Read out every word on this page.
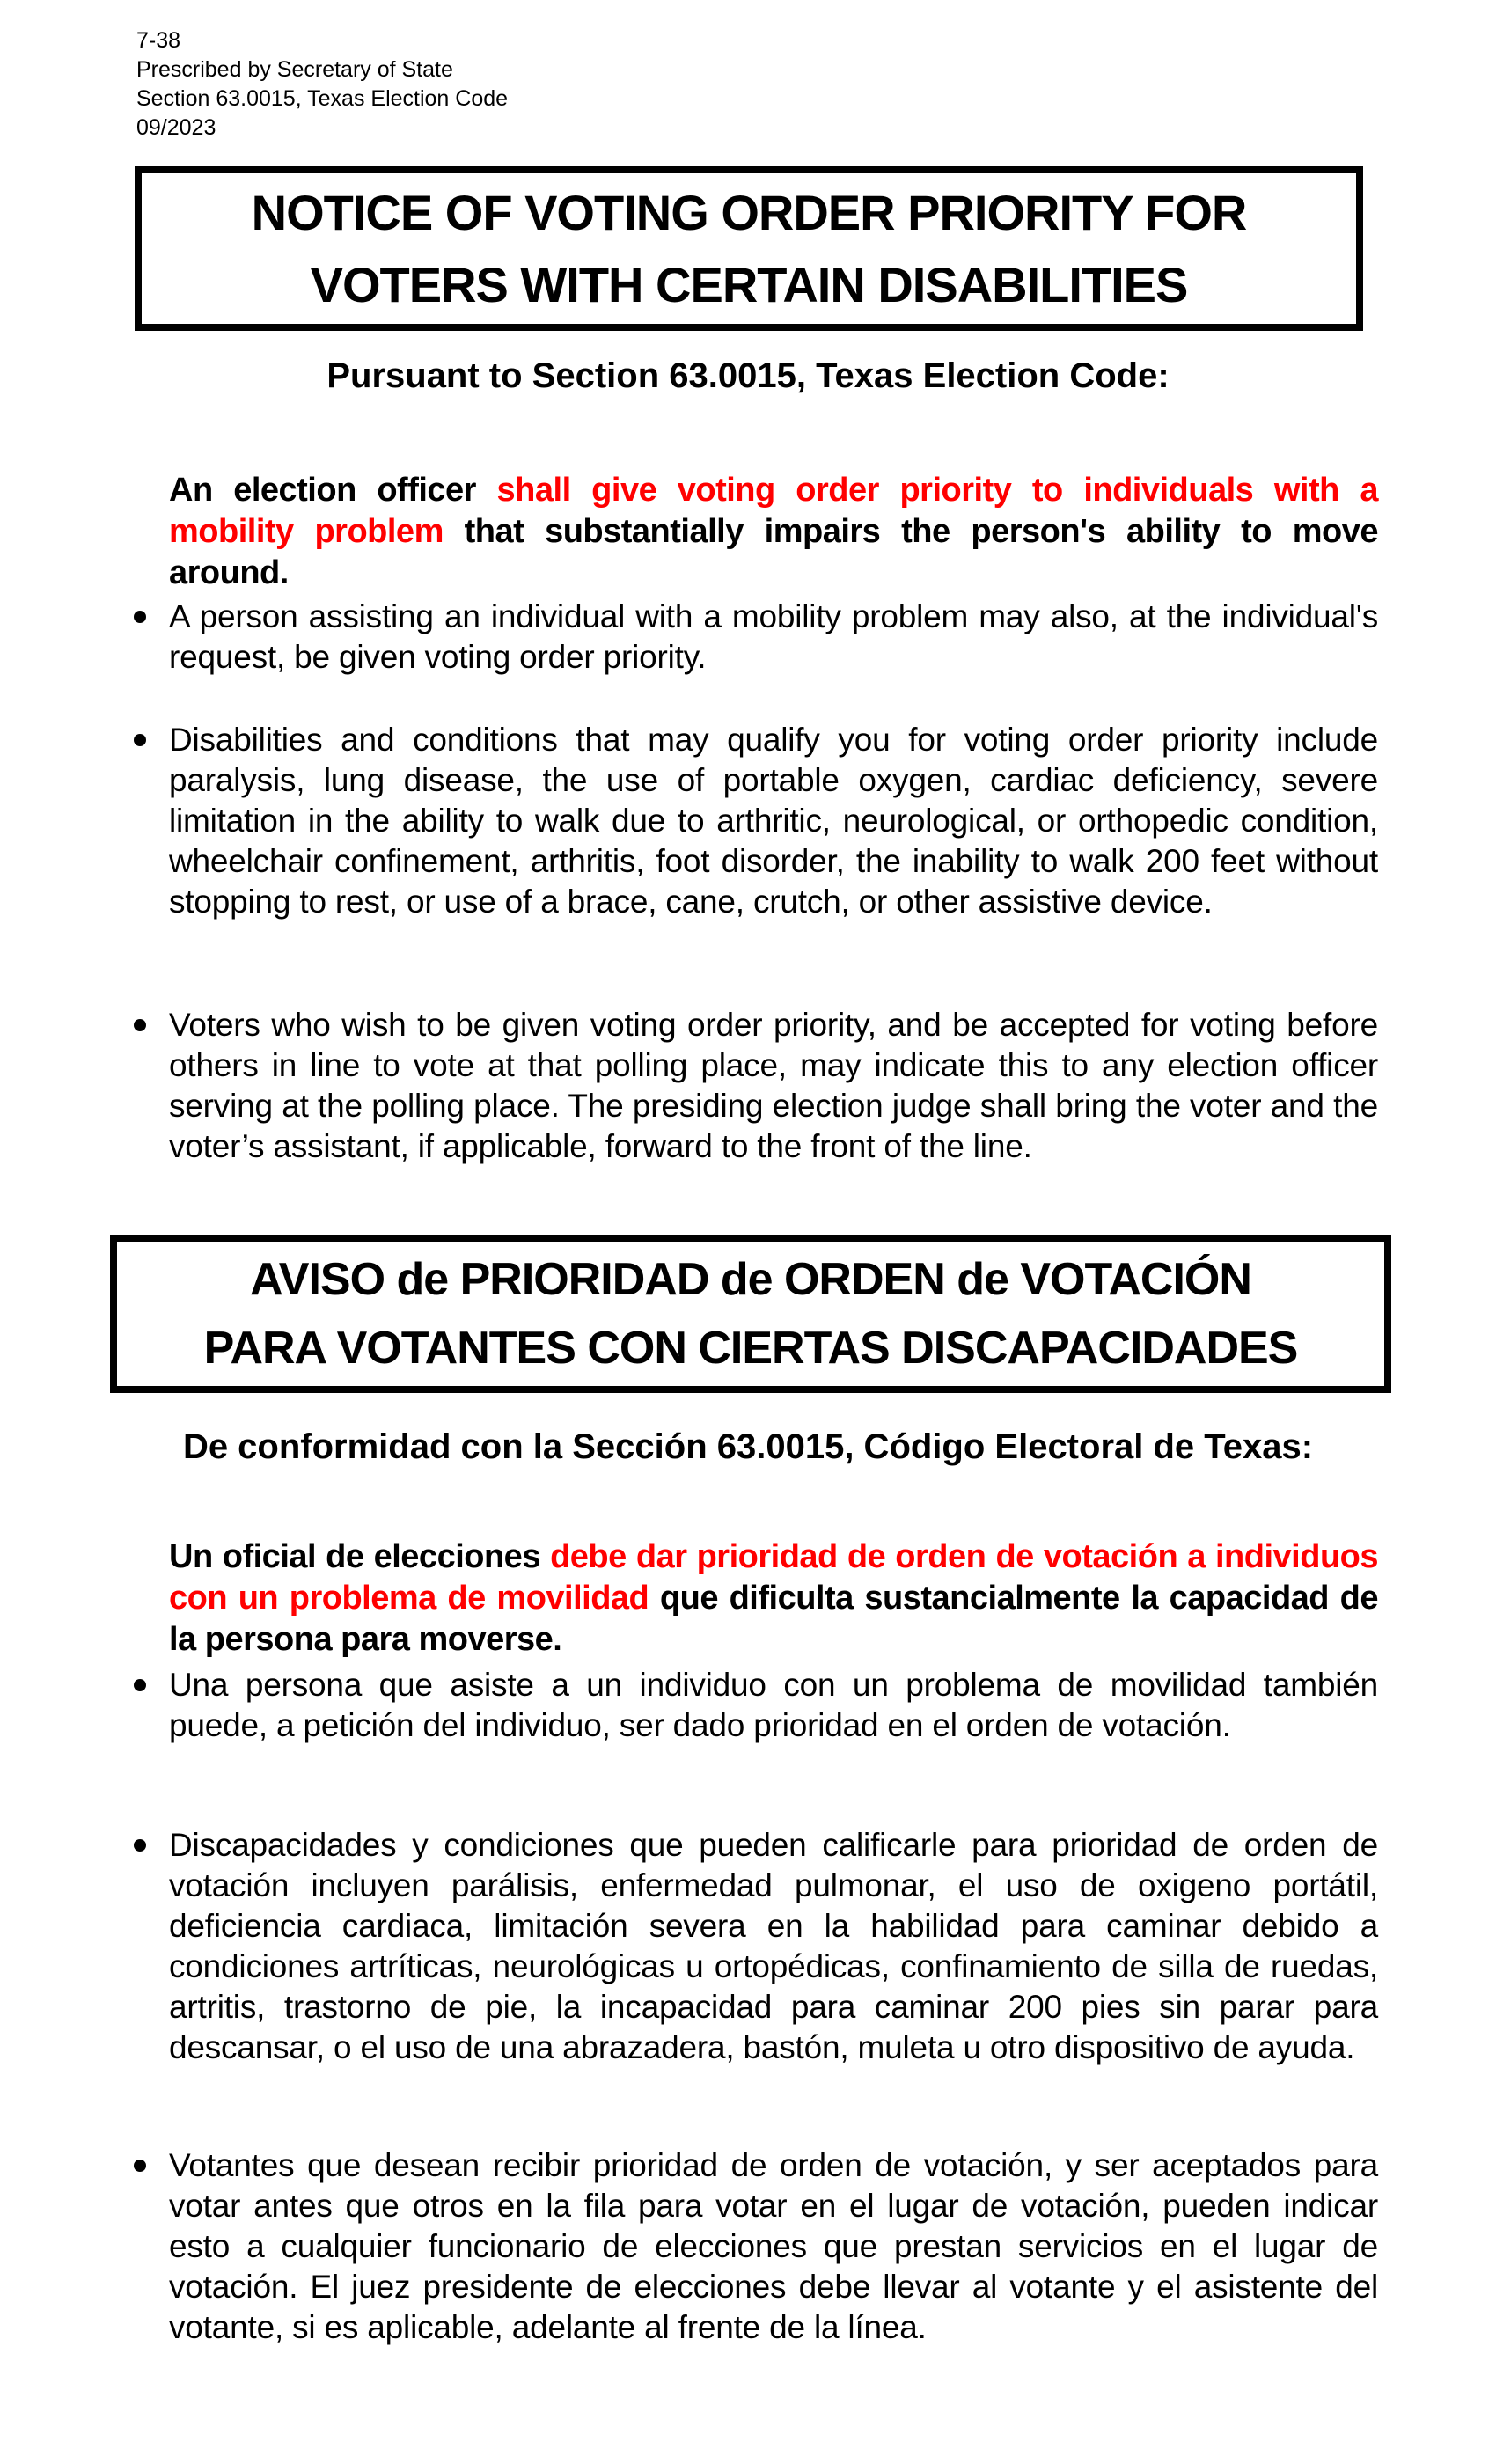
7-38
Prescribed by Secretary of State
Section 63.0015, Texas Election Code
09/2023
NOTICE OF VOTING ORDER PRIORITY FOR
VOTERS WITH CERTAIN DISABILITIES
Pursuant to Section 63.0015, Texas Election Code:

An election officer shall give voting order priority to individuals with a mobility problem that substantially impairs the person's ability to move around.

A person assisting an individual with a mobility problem may also, at the individual's request, be given voting order priority.
Disabilities and conditions that may qualify you for voting order priority include paralysis, lung disease, the use of portable oxygen, cardiac deficiency, severe limitation in the ability to walk due to arthritic, neurological, or orthopedic condition, wheelchair confinement, arthritis, foot disorder, the inability to walk 200 feet without stopping to rest, or use of a brace, cane, crutch, or other assistive device.
Voters who wish to be given voting order priority, and be accepted for voting before others in line to vote at that polling place, may indicate this to any election officer serving at the polling place. The presiding election judge shall bring the voter and the voter’s assistant, if applicable, forward to the front of the line.
AVISO de PRIORIDAD de ORDEN de VOTACIÓN
PARA VOTANTES CON CIERTAS DISCAPACIDADES
De conformidad con la Sección 63.0015, Código Electoral de Texas:

Un oficial de elecciones debe dar prioridad de orden de votación a individuos con un problema de movilidad que dificulta sustancialmente la capacidad de la persona para moverse.

Una persona que asiste a un individuo con un problema de movilidad también puede, a petición del individuo, ser dado prioridad en el orden de votación.
Discapacidades y condiciones que pueden calificarle para prioridad de orden de votación incluyen parálisis, enfermedad pulmonar, el uso de oxigeno portátil, deficiencia cardiaca, limitación severa en la habilidad para caminar debido a condiciones artríticas, neurológicas u ortopédicas, confinamiento de silla de ruedas, artritis, trastorno de pie, la incapacidad para caminar 200 pies sin parar para descansar, o el uso de una abrazadera, bastón, muleta u otro dispositivo de ayuda.
Votantes que desean recibir prioridad de orden de votación, y ser aceptados para votar antes que otros en la fila para votar en el lugar de votación, pueden indicar esto a cualquier funcionario de elecciones que prestan servicios en el lugar de votación. El juez presidente de elecciones debe llevar al votante y el asistente del votante, si es aplicable, adelante al frente de la línea.
